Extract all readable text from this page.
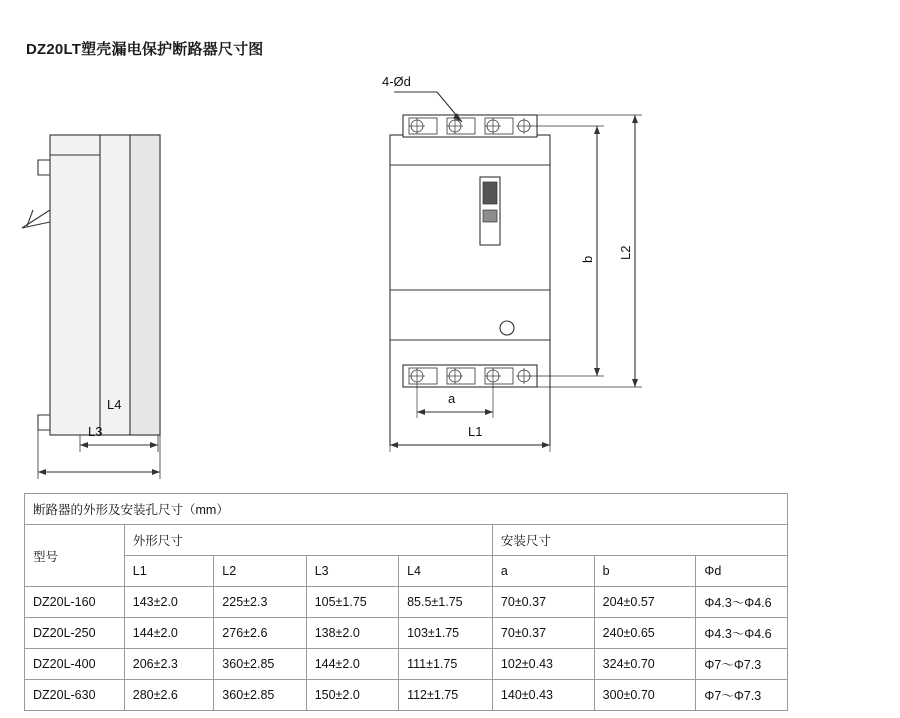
DZ20LT塑壳漏电保护断路器尺寸图
4-Ød
L4
L3
a
L1
b L2
断路器的外形及安装孔尺寸（mm）							
型号	外形尺寸				安装尺寸		
	L1	L2	L3	L4	a	b	Φd
DZ20L-160	143±2.0	225±2.3	105±1.75	85.5±1.75	70±0.37	204±0.57	Φ4.3～Φ4.6
DZ20L-250	144±2.0	276±2.6	138±2.0	103±1.75	70±0.37	240±0.65	Φ4.3～Φ4.6
DZ20L-400	206±2.3	360±2.85	144±2.0	111±1.75	102±0.43	324±0.70	Φ7～Φ7.3
DZ20L-630	280±2.6	360±2.85	150±2.0	112±1.75	140±0.43	300±0.70	Φ7～Φ7.3
